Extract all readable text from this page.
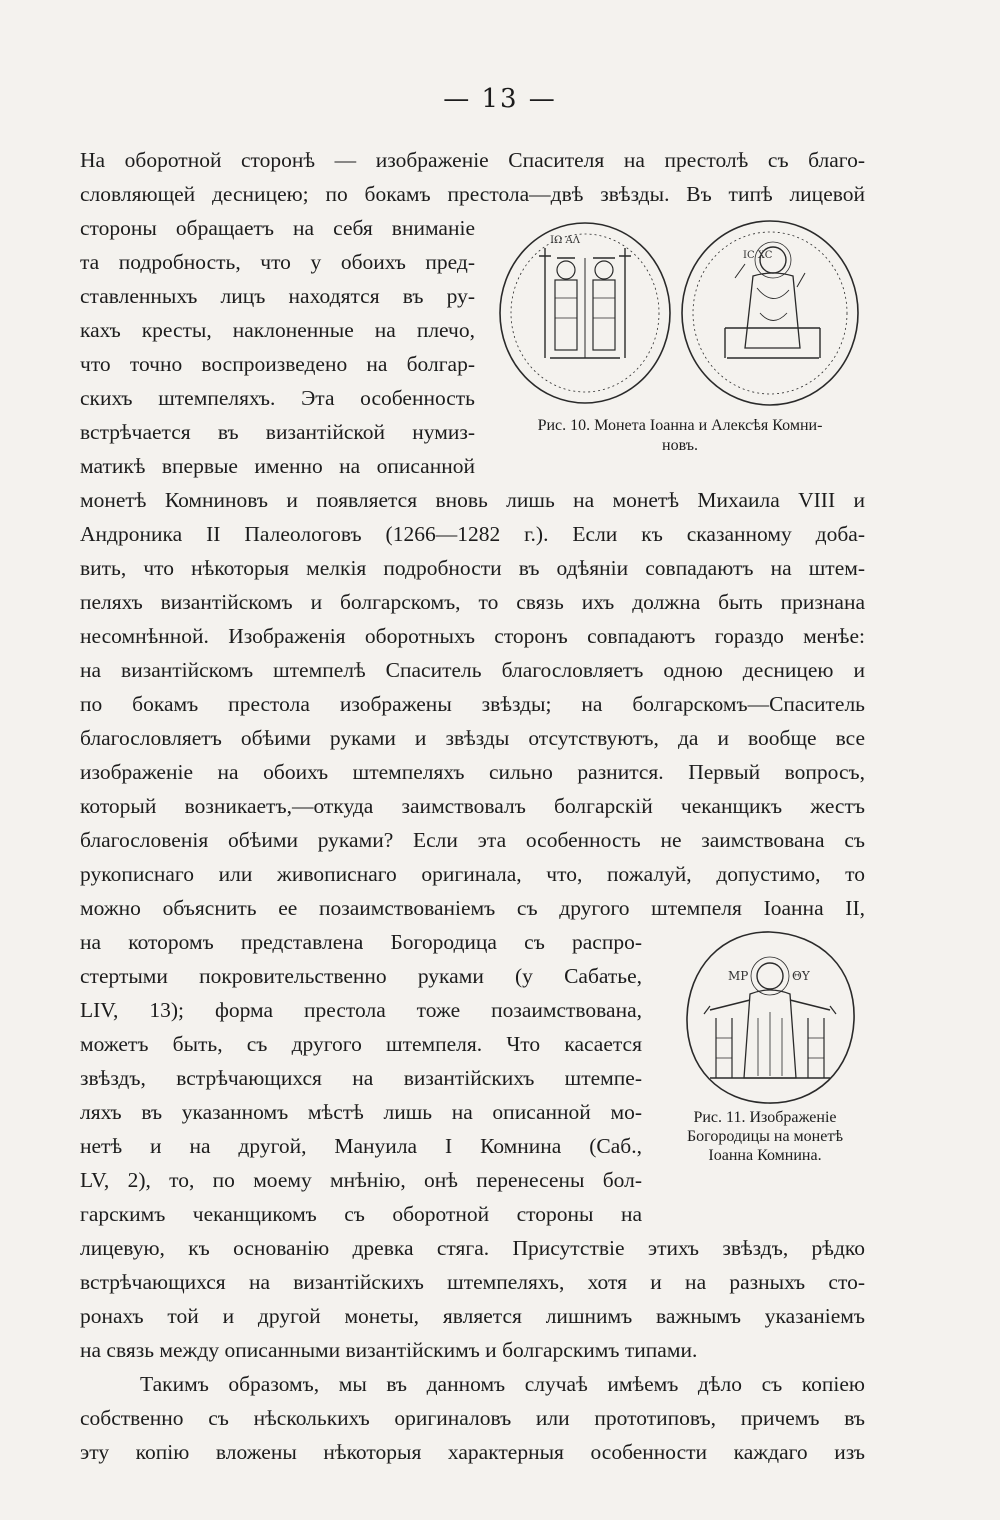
— 13 —
На оборотной сторонѣ — изображеніе Спасителя на престолѣ съ благо-
словляющей десницею; по бокамъ престола—двѣ звѣзды. Въ типѣ лицевой
стороны обращаетъ на себя вниманіе
та подробность, что у обоихъ пред-
ставленныхъ лицъ находятся въ ру-
кахъ кресты, наклоненные на плечо,
что точно воспроизведено на болгар-
скихъ штемпеляхъ. Эта особенность
встрѣчается въ византійской нумиз-
матикѣ впервые именно на описанной
ΙΩ ΑΛ
IC XC
Рис. 10. Монета Іоанна и Алексѣя Комни-
новъ.
монетѣ Комниновъ и появляется вновь лишь на монетѣ Михаила VIII и
Андроника II Палеологовъ (1266—1282 г.). Если къ сказанному доба-
вить, что нѣкоторыя мелкія подробности въ одѣяніи совпадаютъ на штем-
пеляхъ византійскомъ и болгарскомъ, то связь ихъ должна быть признана
несомнѣнной. Изображенія оборотныхъ сторонъ совпадаютъ гораздо менѣе:
на византійскомъ штемпелѣ Спаситель благословляетъ одною десницею и
по бокамъ престола изображены звѣзды; на болгарскомъ—Спаситель
благословляетъ обѣими руками и звѣзды отсутствуютъ, да и вообще все
изображеніе на обоихъ штемпеляхъ сильно разнится. Первый вопросъ,
который возникаетъ,—откуда заимствовалъ болгарскій чеканщикъ жестъ
благословенія обѣими руками? Если эта особенность не заимствована съ
рукописнаго или живописнаго оригинала, что, пожалуй, допустимо, то
можно объяснить ее позаимствованіемъ съ другого штемпеля Іоанна II,
на которомъ представлена Богородица съ распро-
стертыми покровительственно руками (у Сабатье,
LIV, 13); форма престола тоже позаимствована,
можетъ быть, съ другого штемпеля. Что касается
звѣздъ, встрѣчающихся на византійскихъ штемпе-
ляхъ въ указанномъ мѣстѣ лишь на описанной мо-
нетѣ и на другой, Мануила I Комнина (Саб.,
LV, 2), то, по моему мнѣнію, онѣ перенесены бол-
гарскимъ чеканщикомъ съ оборотной стороны на
ΜΡ	ΘΥ
Рис. 11. Изображеніе
Богородицы на монетѣ
Іоанна Комнина.
лицевую, къ основанію древка стяга. Присутствіе этихъ звѣздъ, рѣдко
встрѣчающихся на византійскихъ штемпеляхъ, хотя и на разныхъ сто-
ронахъ той и другой монеты, является лишнимъ важнымъ указаніемъ
на связь между описанными византійскимъ и болгарскимъ типами.
Такимъ образомъ, мы въ данномъ случаѣ имѣемъ дѣло съ копіею
собственно съ нѣсколькихъ оригиналовъ или прототиповъ, причемъ въ
эту копію вложены нѣкоторыя характерныя особенности каждаго изъ
